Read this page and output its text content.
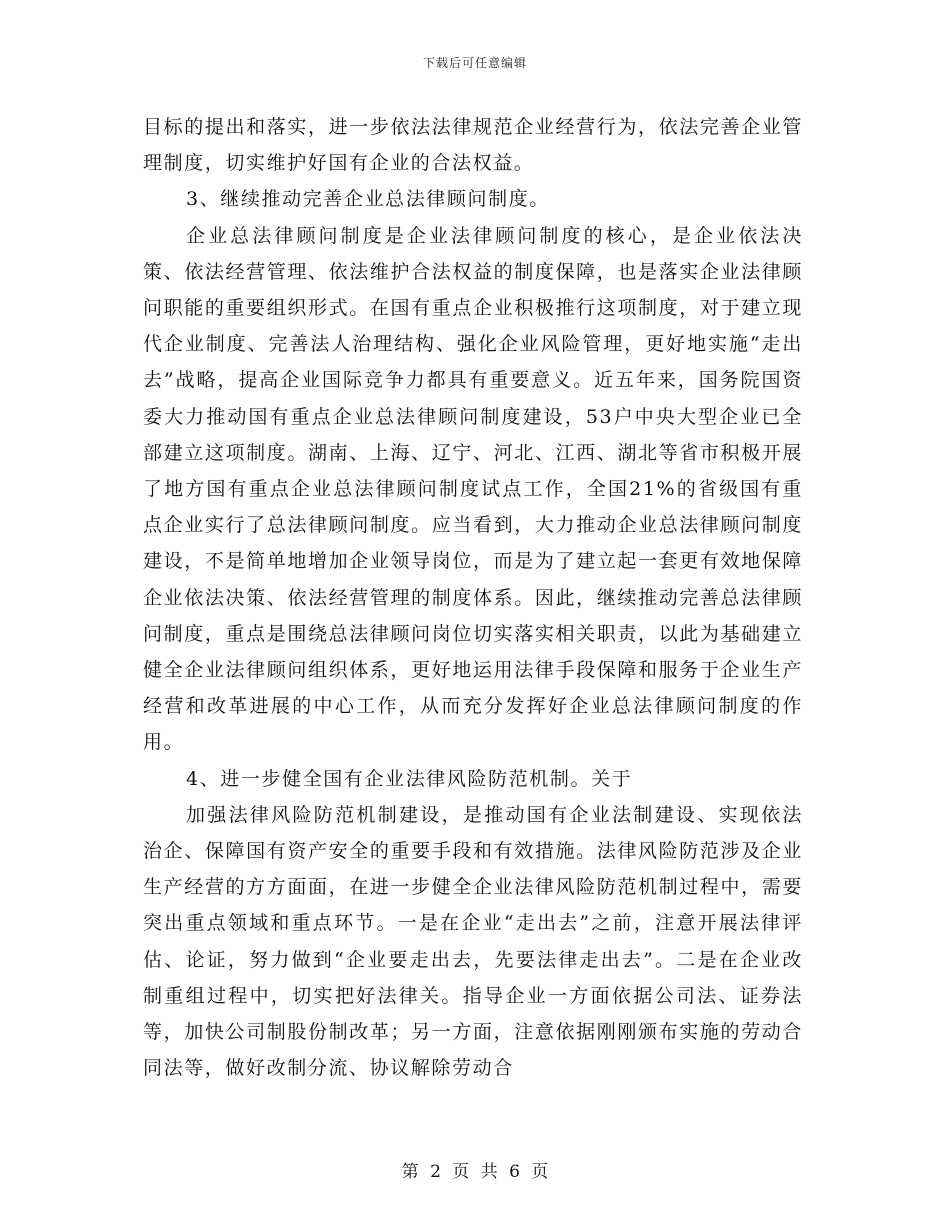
下载后可任意编辑

目标的提出和落实，进一步依法法律规范企业经营行为，依法完善企业管理制度，切实维护好国有企业的合法权益。

3、继续推动完善企业总法律顾问制度。

企业总法律顾问制度是企业法律顾问制度的核心，是企业依法决策、依法经营管理、依法维护合法权益的制度保障，也是落实企业法律顾问职能的重要组织形式。在国有重点企业积极推行这项制度，对于建立现代企业制度、完善法人治理结构、强化企业风险管理，更好地实施“走出去”战略，提高企业国际竞争力都具有重要意义。近五年来，国务院国资委大力推动国有重点企业总法律顾问制度建设，53户中央大型企业已全部建立这项制度。湖南、上海、辽宁、河北、江西、湖北等省市积极开展了地方国有重点企业总法律顾问制度试点工作，全国21%的省级国有重点企业实行了总法律顾问制度。应当看到，大力推动企业总法律顾问制度建设，不是简单地增加企业领导岗位，而是为了建立起一套更有效地保障企业依法决策、依法经营管理的制度体系。因此，继续推动完善总法律顾问制度，重点是围绕总法律顾问岗位切实落实相关职责，以此为基础建立健全企业法律顾问组织体系，更好地运用法律手段保障和服务于企业生产经营和改革进展的中心工作，从而充分发挥好企业总法律顾问制度的作用。

4、进一步健全国有企业法律风险防范机制。关于

加强法律风险防范机制建设，是推动国有企业法制建设、实现依法治企、保障国有资产安全的重要手段和有效措施。法律风险防范涉及企业生产经营的方方面面，在进一步健全企业法律风险防范机制过程中，需要突出重点领域和重点环节。一是在企业“走出去”之前，注意开展法律评估、论证，努力做到“企业要走出去，先要法律走出去”。二是在企业改制重组过程中，切实把好法律关。指导企业一方面依据公司法、证券法等，加快公司制股份制改革；另一方面，注意依据刚刚颁布实施的劳动合同法等，做好改制分流、协议解除劳动合

第 2 页 共 6 页
